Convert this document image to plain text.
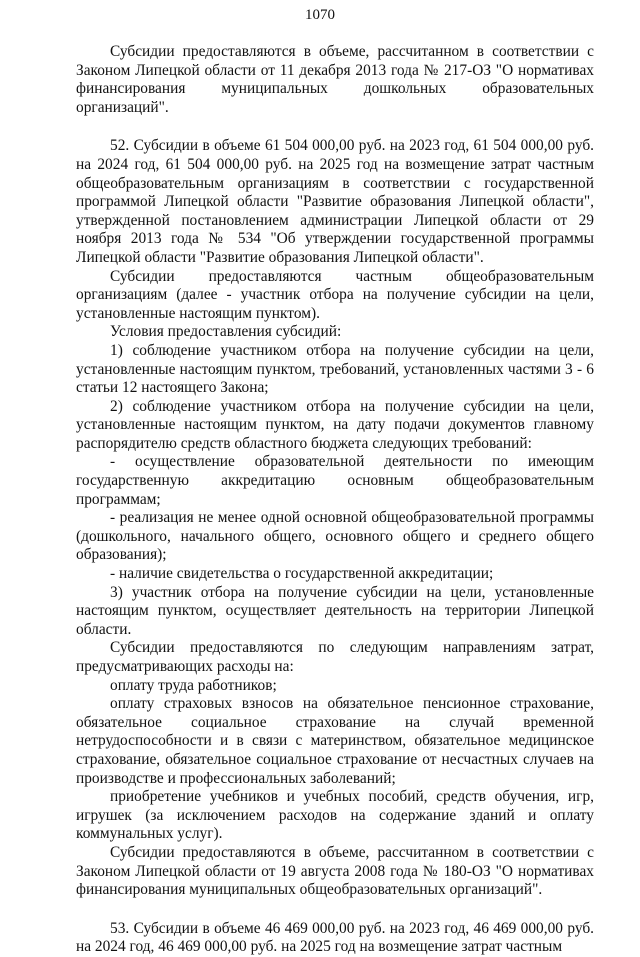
1070

Субсидии предоставляются в объеме, рассчитанном в соответствии с Законом Липецкой области от 11 декабря 2013 года № 217-ОЗ "О нормативах финансирования муниципальных дошкольных образовательных организаций".

52. Субсидии в объеме 61 504 000,00 руб. на 2023 год, 61 504 000,00 руб. на 2024 год, 61 504 000,00 руб. на 2025 год на возмещение затрат частным общеобразовательным организациям в соответствии с государственной программой Липецкой области "Развитие образования Липецкой области", утвержденной постановлением администрации Липецкой области от 29 ноября 2013 года № 534 "Об утверждении государственной программы Липецкой области "Развитие образования Липецкой области".

Субсидии предоставляются частным общеобразовательным организациям (далее - участник отбора на получение субсидии на цели, установленные настоящим пунктом).

Условия предоставления субсидий:

1) соблюдение участником отбора на получение субсидии на цели, установленные настоящим пунктом, требований, установленных частями 3 - 6 статьи 12 настоящего Закона;

2) соблюдение участником отбора на получение субсидии на цели, установленные настоящим пунктом, на дату подачи документов главному распорядителю средств областного бюджета следующих требований:

- осуществление образовательной деятельности по имеющим государственную аккредитацию основным общеобразовательным программам;

- реализация не менее одной основной общеобразовательной программы (дошкольного, начального общего, основного общего и среднего общего образования);

- наличие свидетельства о государственной аккредитации;

3) участник отбора на получение субсидии на цели, установленные настоящим пунктом, осуществляет деятельность на территории Липецкой области.

Субсидии предоставляются по следующим направлениям затрат, предусматривающих расходы на:

оплату труда работников;

оплату страховых взносов на обязательное пенсионное страхование, обязательное социальное страхование на случай временной нетрудоспособности и в связи с материнством, обязательное медицинское страхование, обязательное социальное страхование от несчастных случаев на производстве и профессиональных заболеваний;

приобретение учебников и учебных пособий, средств обучения, игр, игрушек (за исключением расходов на содержание зданий и оплату коммунальных услуг).

Субсидии предоставляются в объеме, рассчитанном в соответствии с Законом Липецкой области от 19 августа 2008 года № 180-ОЗ "О нормативах финансирования муниципальных общеобразовательных организаций".

53. Субсидии в объеме 46 469 000,00 руб. на 2023 год, 46 469 000,00 руб. на 2024 год, 46 469 000,00 руб. на 2025 год на возмещение затрат частным
